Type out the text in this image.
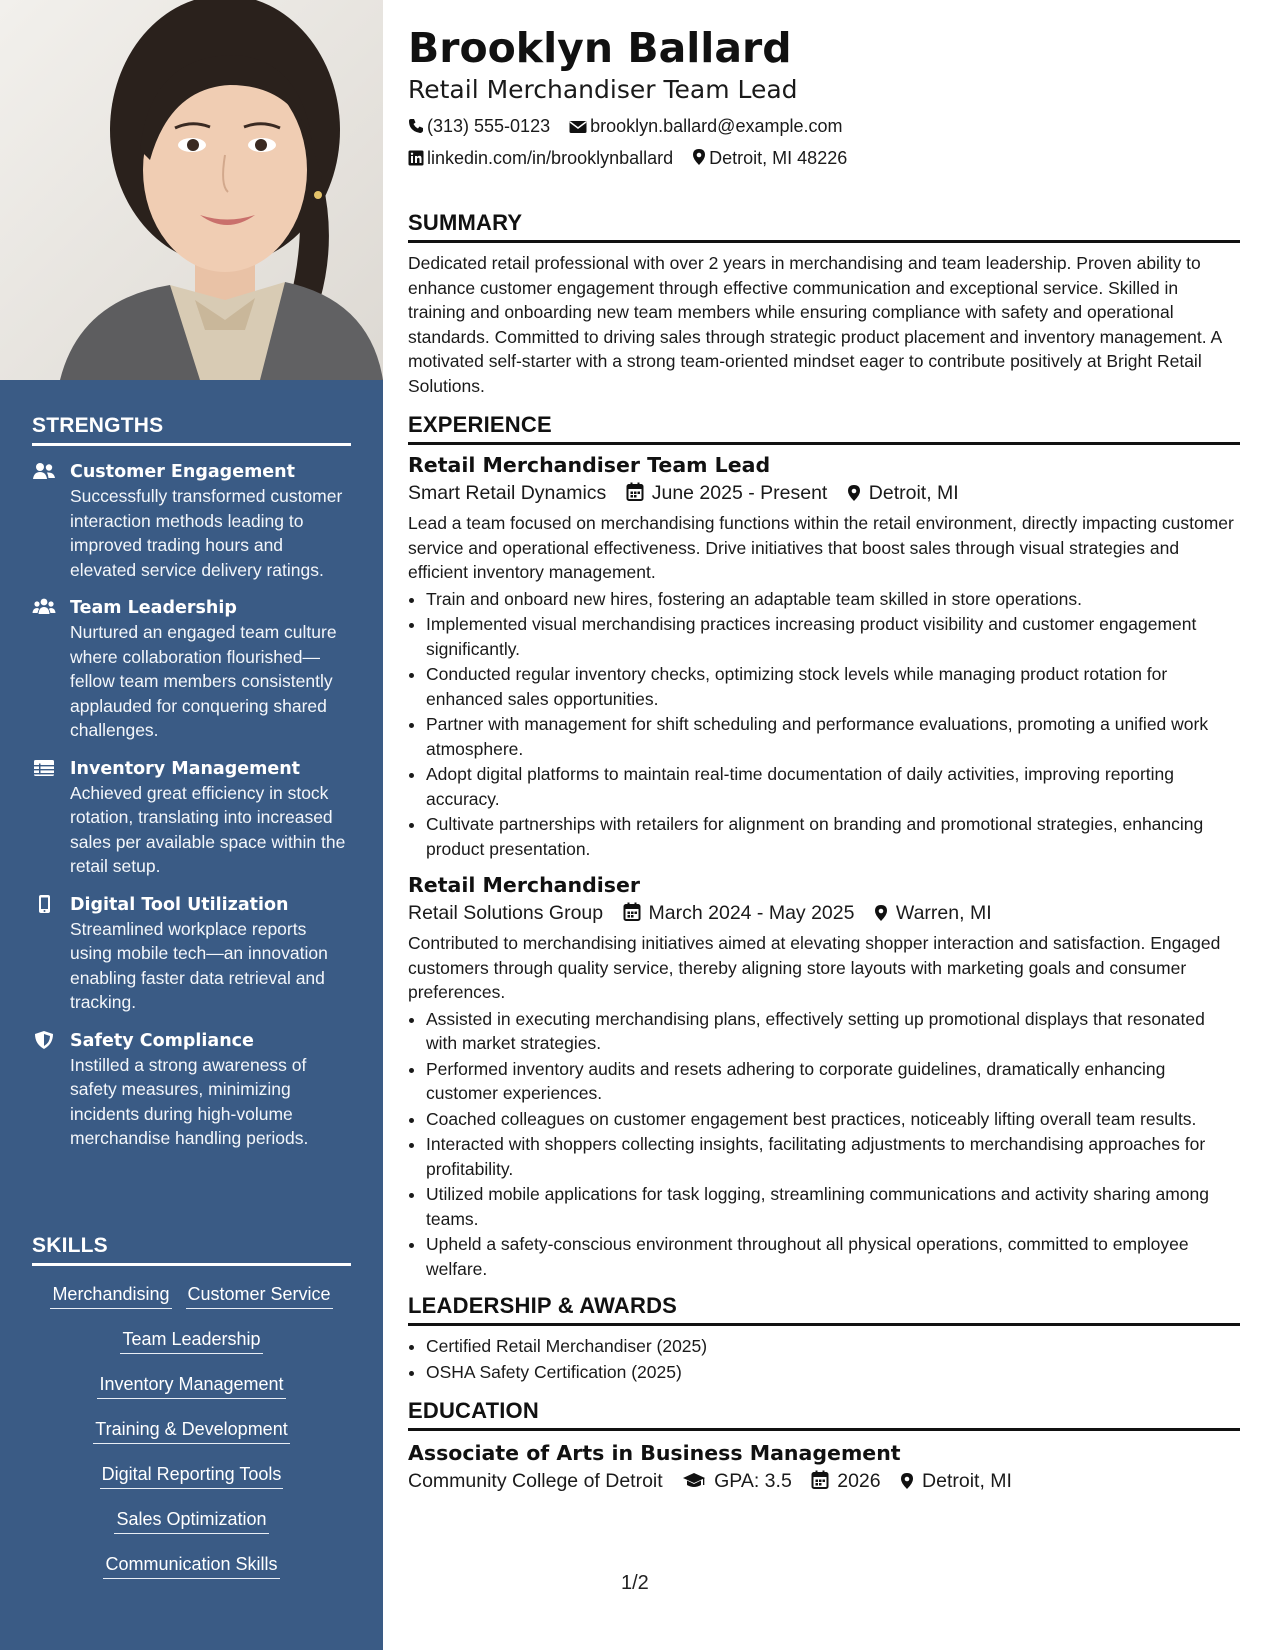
STRENGTHS
Customer Engagement
Successfully transformed customer interaction methods leading to improved trading hours and elevated service delivery ratings.
Team Leadership
Nurtured an engaged team culture where collaboration flourished—fellow team members consistently applauded for conquering shared challenges.
Inventory Management
Achieved great efficiency in stock rotation, translating into increased sales per available space within the retail setup.
Digital Tool Utilization
Streamlined workplace reports using mobile tech—an innovation enabling faster data retrieval and tracking.
Safety Compliance
Instilled a strong awareness of safety measures, minimizing incidents during high-volume merchandise handling periods.
SKILLS
Merchandising Customer Service
Team Leadership
Inventory Management
Training & Development
Digital Reporting Tools
Sales Optimization
Communication Skills
Brooklyn Ballard
Retail Merchandiser Team Lead
(313) 555-0123 brooklyn.ballard@example.com
linkedin.com/in/brooklynballard Detroit, MI 48226
SUMMARY

Dedicated retail professional with over 2 years in merchandising and team leadership. Proven ability to enhance customer engagement through effective communication and exceptional service. Skilled in training and onboarding new team members while ensuring compliance with safety and operational standards. Committed to driving sales through strategic product placement and inventory management. A motivated self-starter with a strong team-oriented mindset eager to contribute positively at Bright Retail Solutions.

EXPERIENCE
Retail Merchandiser Team Lead
Smart Retail Dynamics June 2025 - Present Detroit, MI

Lead a team focused on merchandising functions within the retail environment, directly impacting customer service and operational effectiveness. Drive initiatives that boost sales through visual strategies and efficient inventory management.

• Train and onboard new hires, fostering an adaptable team skilled in store operations.
• Implemented visual merchandising practices increasing product visibility and customer engagement significantly.
• Conducted regular inventory checks, optimizing stock levels while managing product rotation for enhanced sales opportunities.
• Partner with management for shift scheduling and performance evaluations, promoting a unified work atmosphere.
• Adopt digital platforms to maintain real-time documentation of daily activities, improving reporting accuracy.
• Cultivate partnerships with retailers for alignment on branding and promotional strategies, enhancing product presentation.
Retail Merchandiser
Retail Solutions Group March 2024 - May 2025 Warren, MI

Contributed to merchandising initiatives aimed at elevating shopper interaction and satisfaction. Engaged customers through quality service, thereby aligning store layouts with marketing goals and consumer preferences.

• Assisted in executing merchandising plans, effectively setting up promotional displays that resonated with market strategies.
• Performed inventory audits and resets adhering to corporate guidelines, dramatically enhancing customer experiences.
• Coached colleagues on customer engagement best practices, noticeably lifting overall team results.
• Interacted with shoppers collecting insights, facilitating adjustments to merchandising approaches for profitability.
• Utilized mobile applications for task logging, streamlining communications and activity sharing among teams.
• Upheld a safety-conscious environment throughout all physical operations, committed to employee welfare.
LEADERSHIP & AWARDS
• Certified Retail Merchandiser (2025)
• OSHA Safety Certification (2025)
EDUCATION
Associate of Arts in Business Management
Community College of Detroit	GPA: 3.5 2026 Detroit, MI
1/2
